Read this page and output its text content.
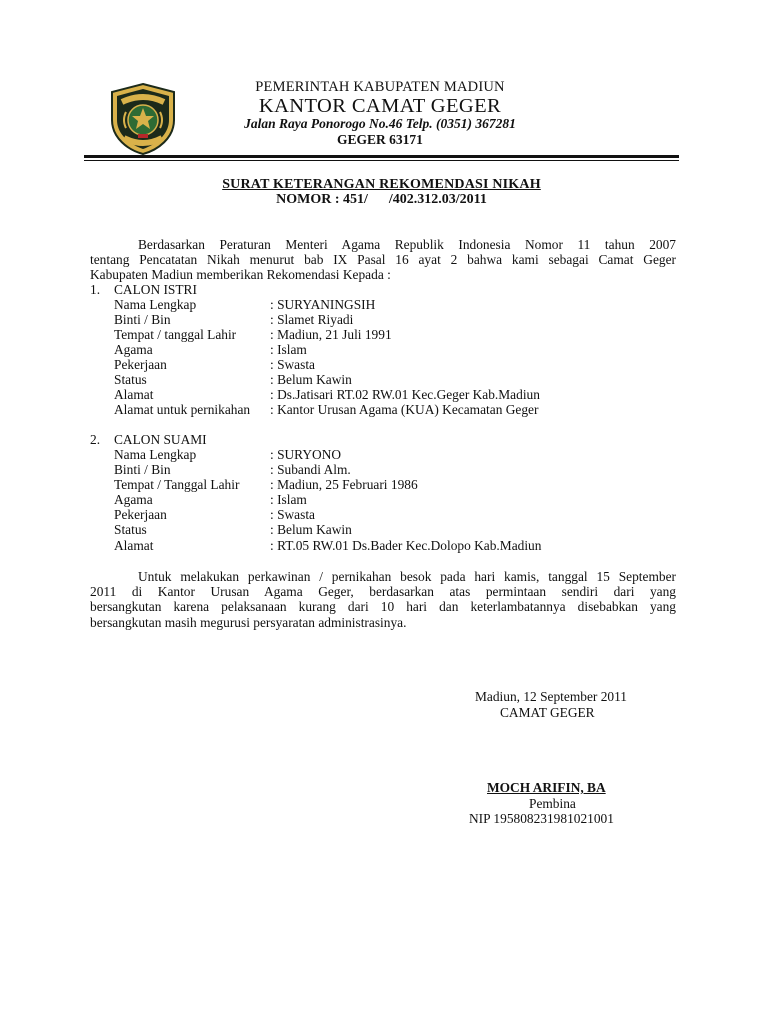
PEMERINTAH KABUPATEN MADIUN
KANTOR CAMAT GEGER
Jalan Raya Ponorogo No.46 Telp. (0351) 367281
GEGER 63171
SURAT KETERANGAN REKOMENDASI NIKAH
NOMOR : 451/      /402.312.03/2011
Berdasarkan Peraturan Menteri Agama Republik Indonesia Nomor 11 tahun 2007
tentang Pencatatan Nikah menurut bab IX Pasal 16 ayat 2 bahwa kami sebagai Camat Geger
Kabupaten Madiun memberikan Rekomendasi Kepada :
1. CALON ISTRI
Nama Lengkap	: SURYANINGSIH
Binti / Bin	: Slamet Riyadi
Tempat / tanggal Lahir	: Madiun, 21 Juli 1991
Agama	: Islam
Pekerjaan	: Swasta
Status	: Belum Kawin
Alamat	: Ds.Jatisari RT.02 RW.01 Kec.Geger Kab.Madiun
Alamat untuk pernikahan : Kantor Urusan Agama (KUA) Kecamatan Geger
2. CALON SUAMI
Nama Lengkap	: SURYONO
Binti / Bin	: Subandi Alm.
Tempat / Tanggal Lahir : Madiun, 25 Februari 1986
Agama	: Islam
Pekerjaan	: Swasta
Status	: Belum Kawin
Alamat	: RT.05 RW.01 Ds.Bader Kec.Dolopo Kab.Madiun
Untuk melakukan perkawinan / pernikahan besok pada hari kamis, tanggal 15 September
2011 di Kantor Urusan Agama Geger, berdasarkan atas permintaan sendiri dari yang
bersangkutan karena pelaksanaan kurang dari 10 hari dan keterlambatannya disebabkan yang
bersangkutan masih megurusi persyaratan administrasinya.
Madiun, 12 September 2011
CAMAT GEGER
MOCH ARIFIN, BA
Pembina
NIP 195808231981021001
